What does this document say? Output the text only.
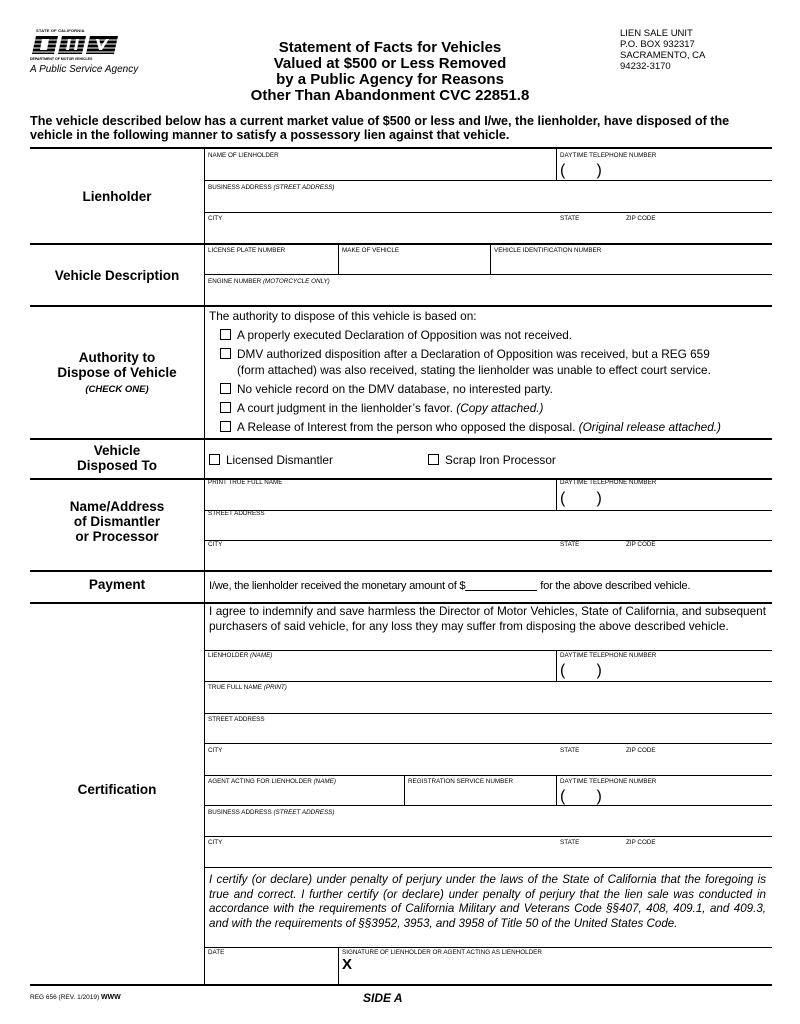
STATE OF CALIFORNIA
DEPARTMENT OF MOTOR VEHICLES
A Public Service Agency
Statement of Facts for Vehicles
Valued at $500 or Less Removed
by a Public Agency for Reasons
Other Than Abandonment CVC 22851.8
LIEN SALE UNIT
P.O. BOX 932317
SACRAMENTO, CA
94232-3170
The vehicle described below has a current market value of $500 or less and I/we, the lienholder, have disposed of the vehicle in the following manner to satisfy a possessory lien against that vehicle.
Lienholder
NAME OF LIENHOLDER	DAYTIME TELEPHONE NUMBER
(       )
BUSINESS ADDRESS (STREET ADDRESS)
CITY	STATE	ZIP CODE
Vehicle Description
LICENSE PLATE NUMBER	MAKE OF VEHICLE	VEHICLE IDENTIFICATION NUMBER
ENGINE NUMBER (MOTORCYCLE ONLY)
Authority to
Dispose of Vehicle
(CHECK ONE)
The authority to dispose of this vehicle is based on:
A properly executed Declaration of Opposition was not received.
DMV authorized disposition after a Declaration of Opposition was received, but a REG 659
(form attached) was also received, stating the lienholder was unable to effect court service.
No vehicle record on the DMV database, no interested party.
A court judgment in the lienholder’s favor. (Copy attached.)
A Release of Interest from the person who opposed the disposal. (Original release attached.)
Vehicle
Disposed To	Licensed Dismantler	Scrap Iron Processor
Name/Address
of Dismantler
or Processor
PRINT TRUE FULL NAME	DAYTIME TELEPHONE NUMBER
(       )
STREET ADDRESS
CITY	STATE	ZIP CODE
Payment	I/we, the lienholder received the monetary amount of $	for the above described vehicle.
Certification
I agree to indemnify and save harmless the Director of Motor Vehicles, State of California, and subsequent purchasers of said vehicle, for any loss they may suffer from disposing the above described vehicle.
LIENHOLDER (NAME)	DAYTIME TELEPHONE NUMBER
(       )
TRUE FULL NAME (PRINT)
STREET ADDRESS
CITY	STATE	ZIP CODE
AGENT ACTING FOR LIENHOLDER (NAME)	REGISTRATION SERVICE NUMBER	DAYTIME TELEPHONE NUMBER
(       )
BUSINESS ADDRESS (STREET ADDRESS)
CITY	STATE	ZIP CODE
I certify (or declare) under penalty of perjury under the laws of the State of California that the foregoing is true and correct. I further certify (or declare) under penalty of perjury that the lien sale was conducted in accordance with the requirements of California Military and Veterans Code §§407, 408, 409.1, and 409.3, and with the requirements of §§3952, 3953, and 3958 of Title 50 of the United States Code.
DATE	SIGNATURE OF LIENHOLDER OR AGENT ACTING AS LIENHOLDER
X
REG 656 (REV. 1/2019) WWW	SIDE A
